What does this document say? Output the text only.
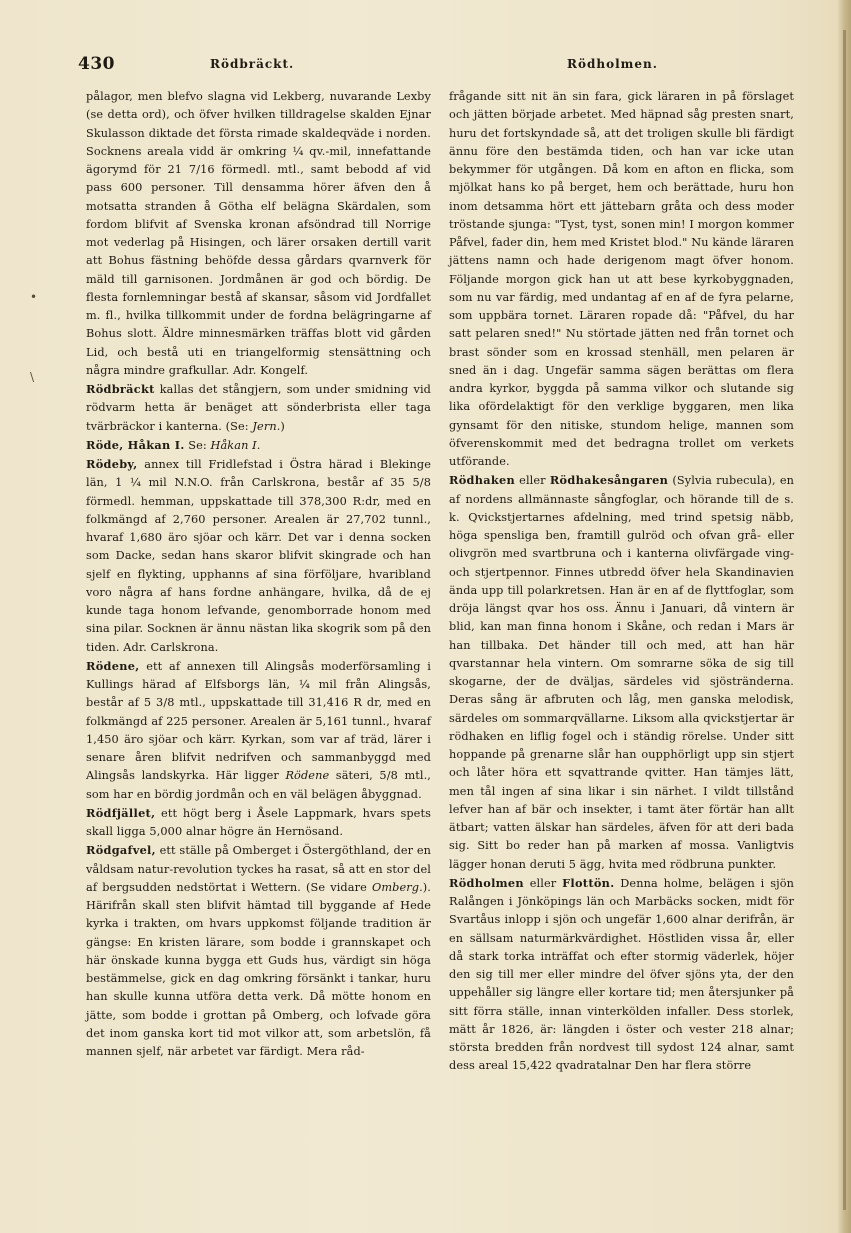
430	Rödbräckt.	Rödholmen.
•
\

pålagor, men blefvo slagna vid Lekberg, nuvarande Lexby (se detta ord), och öfver hvilken tilldragelse skalden Ejnar Skulasson diktade det första rimade skaldeqväde i norden. Socknens areala vidd är omkring ¼ qv.-mil, innefattande ägorymd för 21 7/16 förmedl. mtl., samt bebodd af vid pass 600 personer. Till densamma hörer äfven den å motsatta stranden å Götha elf belägna Skärdalen, som fordom blifvit af Svenska kronan afsöndrad till Norrige mot vederlag på Hisingen, och lärer orsaken dertill varit att Bohus fästning behöfde dessa gårdars qvarnverk för mäld till garnisonen. Jordmånen är god och bördig. De flesta fornlemningar bestå af skansar, såsom vid Jordfallet m. fl., hvilka tillkommit under de fordna belägringarne af Bohus slott. Äldre minnesmärken träffas blott vid gården Lid, och bestå uti en triangelformig stensättning och några mindre grafkullar. Adr. Kongelf.

Rödbräckt kallas det stångjern, som under smidning vid rödvarm hetta är benäget att sönderbrista eller taga tvärbräckor i kanterna. (Se: Jern.)

Röde, Håkan I. Se: Håkan I.

Rödeby, annex till Fridlefstad i Östra härad i Blekinge län, 1 ¼ mil N.N.O. från Carlskrona, består af 35 5/8 förmedl. hemman, uppskattade till 378,300 R:dr, med en folkmängd af 2,760 personer. Arealen är 27,702 tunnl., hvaraf 1,680 äro sjöar och kärr. Det var i denna socken som Dacke, sedan hans skaror blifvit skingrade och han sjelf en flykting, upphanns af sina förföljare, hvaribland voro några af hans fordne anhängare, hvilka, då de ej kunde taga honom lefvande, genomborrade honom med sina pilar. Socknen är ännu nästan lika skogrik som på den tiden. Adr. Carlskrona.

Rödene, ett af annexen till Alingsås moderförsamling i Kullings härad af Elfsborgs län, ¼ mil från Alingsås, består af 5 3/8 mtl., uppskattade till 31,416 R dr, med en folkmängd af 225 personer. Arealen är 5,161 tunnl., hvaraf 1,450 äro sjöar och kärr. Kyrkan, som var af träd, lärer i senare åren blifvit nedrifven och sammanbyggd med Alingsås landskyrka. Här ligger Rödene säteri, 5/8 mtl., som har en bördig jordmån och en väl belägen åbyggnad.

Rödfjället, ett högt berg i Åsele Lappmark, hvars spets skall ligga 5,000 alnar högre än Hernösand.

Rödgafvel, ett ställe på Omberget i Östergöthland, der en våldsam natur-revolution tyckes ha rasat, så att en stor del af bergsudden nedstörtat i Wettern. (Se vidare Omberg.). Härifrån skall sten blifvit hämtad till byggande af Hede kyrka i trakten, om hvars uppkomst följande tradition är gängse: En kristen lärare, som bodde i grannskapet och här önskade kunna bygga ett Guds hus, värdigt sin höga bestämmelse, gick en dag omkring försänkt i tankar, huru han skulle kunna utföra detta verk. Då mötte honom en jätte, som bodde i grottan på Omberg, och lofvade göra det inom ganska kort tid mot vilkor att, som arbetslön, få mannen sjelf, när arbetet var färdigt. Mera råd-

frågande sitt nit än sin fara, gick läraren in på förslaget och jätten började arbetet. Med häpnad såg presten snart, huru det fortskyndade så, att det troligen skulle bli färdigt ännu före den bestämda tiden, och han var icke utan bekymmer för utgången. Då kom en afton en flicka, som mjölkat hans ko på berget, hem och berättade, huru hon inom detsamma hört ett jättebarn gråta och dess moder tröstande sjunga: "Tyst, tyst, sonen min! I morgon kommer Påfvel, fader din, hem med Kristet blod." Nu kände läraren jättens namn och hade derigenom magt öfver honom. Följande morgon gick han ut att bese kyrkobyggnaden, som nu var färdig, med undantag af en af de fyra pelarne, som uppbära tornet. Läraren ropade då: "Påfvel, du har satt pelaren sned!" Nu störtade jätten ned från tornet och brast sönder som en krossad stenhäll, men pelaren är sned än i dag. Ungefär samma sägen berättas om flera andra kyrkor, byggda på samma vilkor och slutande sig lika ofördelaktigt för den verklige byggaren, men lika gynsamt för den nitiske, stundom helige, mannen som öfverenskommit med det bedragna trollet om verkets utförande.

Rödhaken eller Rödhakesångaren (Sylvia rubecula), en af nordens allmännaste sångfoglar, och hörande till de s. k. Qvickstjertarnes afdelning, med trind spetsig näbb, höga spensliga ben, framtill gulröd och ofvan grå- eller olivgrön med svartbruna och i kanterna olivfärgade ving- och stjertpennor. Finnes utbredd öfver hela Skandinavien ända upp till polarkretsen. Han är en af de flyttfoglar, som dröja längst qvar hos oss. Ännu i Januari, då vintern är blid, kan man finna honom i Skåne, och redan i Mars är han tillbaka. Det händer till och med, att han här qvarstannar hela vintern. Om somrarne söka de sig till skogarne, der de dväljas, särdeles vid sjöstränderna. Deras sång är afbruten och låg, men ganska melodisk, särdeles om sommarqvällarne. Liksom alla qvickstjertar är rödhaken en liflig fogel och i ständig rörelse. Under sitt hoppande på grenarne slår han oupphörligt upp sin stjert och låter höra ett sqvattrande qvitter. Han tämjes lätt, men tål ingen af sina likar i sin närhet. I vildt tillstånd lefver han af bär och insekter, i tamt äter förtär han allt ätbart; vatten älskar han särdeles, äfven för att deri bada sig. Sitt bo reder han på marken af mossa. Vanligtvis lägger honan deruti 5 ägg, hvita med rödbruna punkter.

Rödholmen eller Flottön. Denna holme, belägen i sjön Ralången i Jönköpings län och Marbäcks socken, midt för Svartåus inlopp i sjön och ungefär 1,600 alnar derifrån, är en sällsam naturmärkvärdighet. Höstliden vissa år, eller då stark torka inträffat och efter stormig väderlek, höjer den sig till mer eller mindre del öfver sjöns yta, der den uppehåller sig längre eller kortare tid; men återsjunker på sitt förra ställe, innan vinterkölden infaller. Dess storlek, mätt år 1826, är: längden i öster och vester 218 alnar; största bredden från nordvest till sydost 124 alnar, samt dess areal 15,422 qvadratalnar Den har flera större
